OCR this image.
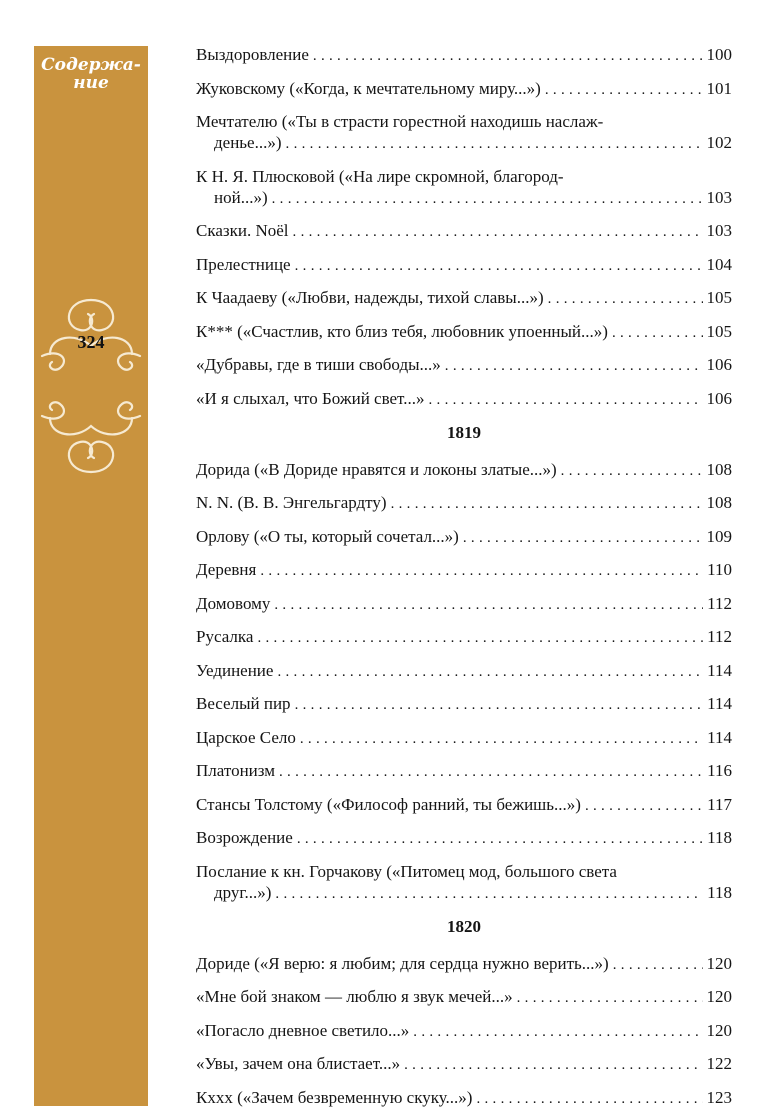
Содержа-
ние
324
Выздоровление .....	100
Жуковскому («Когда, к мечтательному миру...») .....	101
Мечтателю («Ты в страсти горестной находишь наслаж-
денье...») .....	102
К Н. Я. Плюсковой («На лире скромной, благород-
ной...») .....	103
Сказки. Noël .....	103
Прелестнице .....	104
К Чаадаеву («Любви, надежды, тихой славы...») .....	105
К*** («Счастлив, кто близ тебя, любовник упоенный...») .....	105
«Дубравы, где в тиши свободы...» .....	106
«И я слыхал, что Божий свет...» .....	106
1819
Дорида («В Дориде нравятся и локоны златые...») .....	108
N. N. (В. В. Энгельгардту) .....	108
Орлову («О ты, который сочетал...») .....	109
Деревня .....	110
Домовому .....	112
Русалка .....	112
Уединение .....	114
Веселый пир .....	114
Царское Село .....	114
Платонизм .....	116
Стансы Толстому («Философ ранний, ты бежишь...») .....	117
Возрождение .....	118
Послание к кн. Горчакову («Питомец мод, большого света
друг...») .....	118
1820
Дориде («Я верю: я любим; для сердца нужно верить...») .....	120
«Мне бой знаком — люблю я звук мечей...» .....	120
«Погасло дневное светило...» .....	120
«Увы, зачем она блистает...» .....	122
Кxxx («Зачем безвременную скуку...») .....	123
